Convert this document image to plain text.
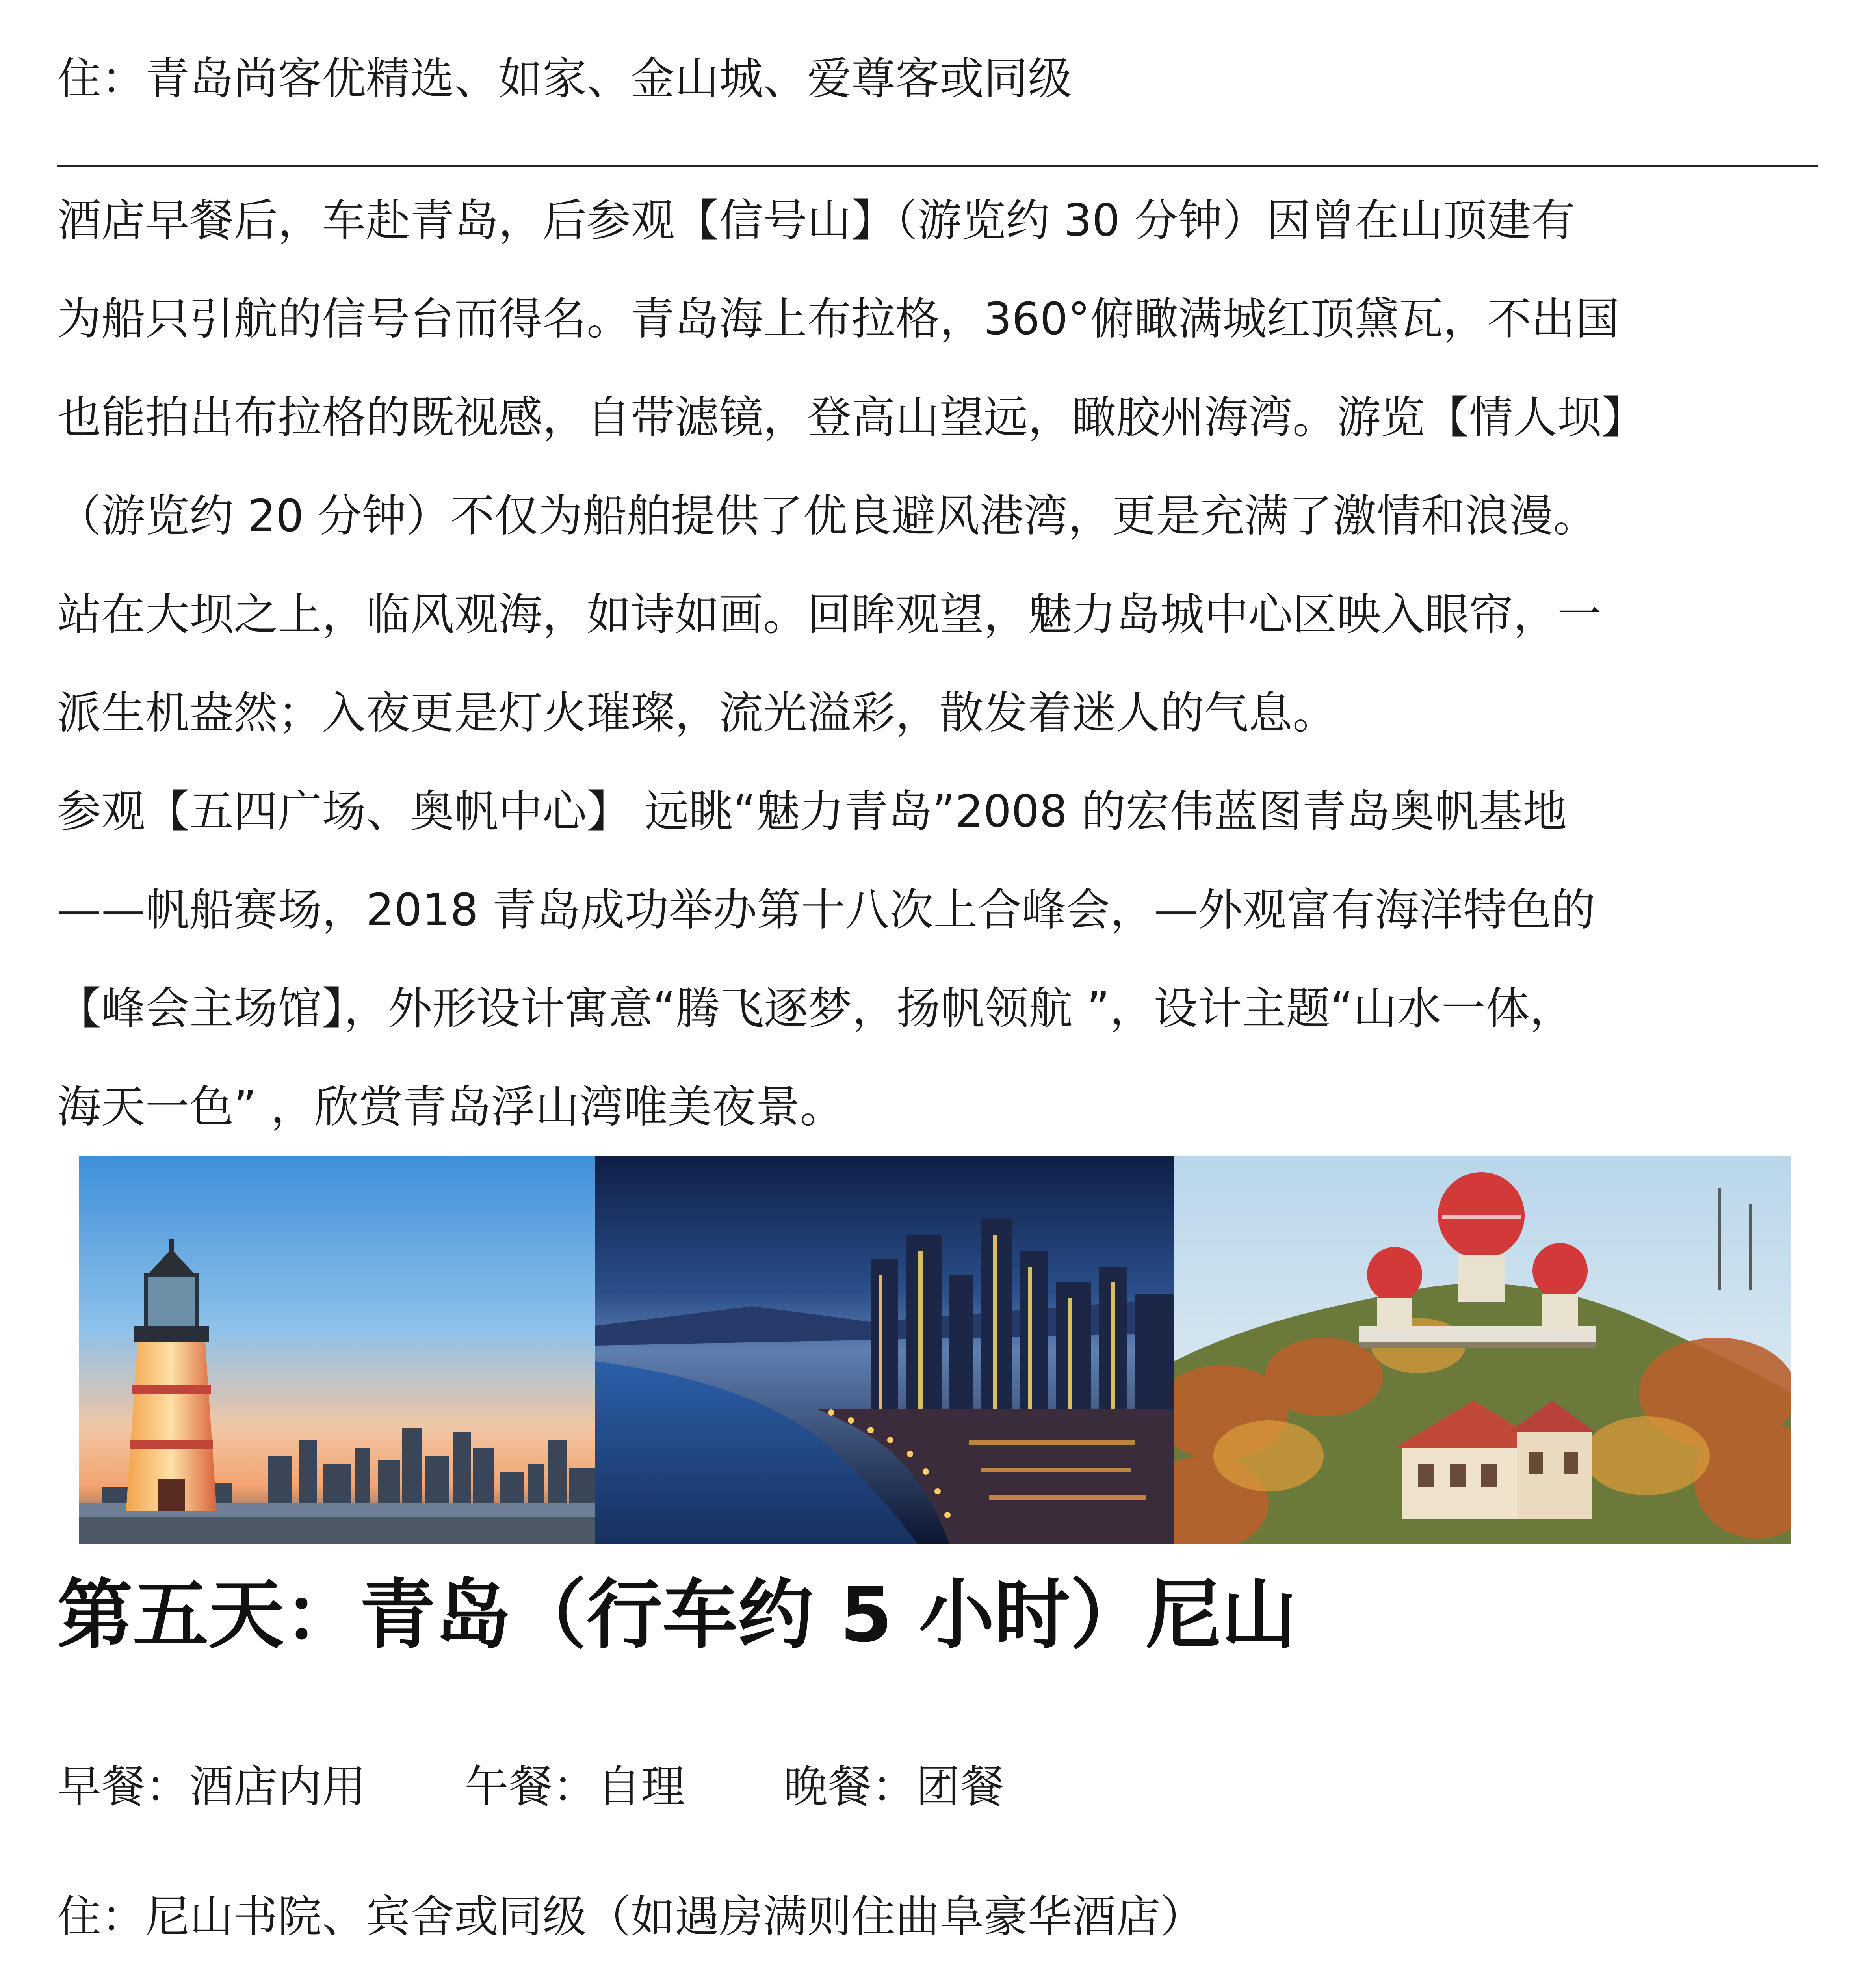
住：青岛尚客优精选、如家、金山城、爱尊客或同级
酒店早餐后，车赴青岛，后参观【信号山】（游览约 30 分钟）因曾在山顶建有
为船只引航的信号台而得名。青岛海上布拉格，360°俯瞰满城红顶黛瓦，不出国
也能拍出布拉格的既视感，自带滤镜，登高山望远，瞰胶州海湾。游览【情人坝】
（游览约 20 分钟）不仅为船舶提供了优良避风港湾，更是充满了激情和浪漫。
站在大坝之上，临风观海，如诗如画。回眸观望，魅力岛城中心区映入眼帘，一
派生机盎然；入夜更是灯火璀璨，流光溢彩，散发着迷人的气息。
参观【五四广场、奥帆中心】 远眺“魅力青岛”2008 的宏伟蓝图青岛奥帆基地
——帆船赛场，2018 青岛成功举办第十八次上合峰会，—外观富有海洋特色的
【峰会主场馆】，外形设计寓意“腾飞逐梦，扬帆领航 ”，设计主题“山水一体，
海天一色” ，欣赏青岛浮山湾唯美夜景。
第五天：青岛（行车约 5 小时）尼山
早餐：酒店内用 午餐：自理 晚餐：团餐
住：尼山书院、宾舍或同级（如遇房满则住曲阜豪华酒店）
